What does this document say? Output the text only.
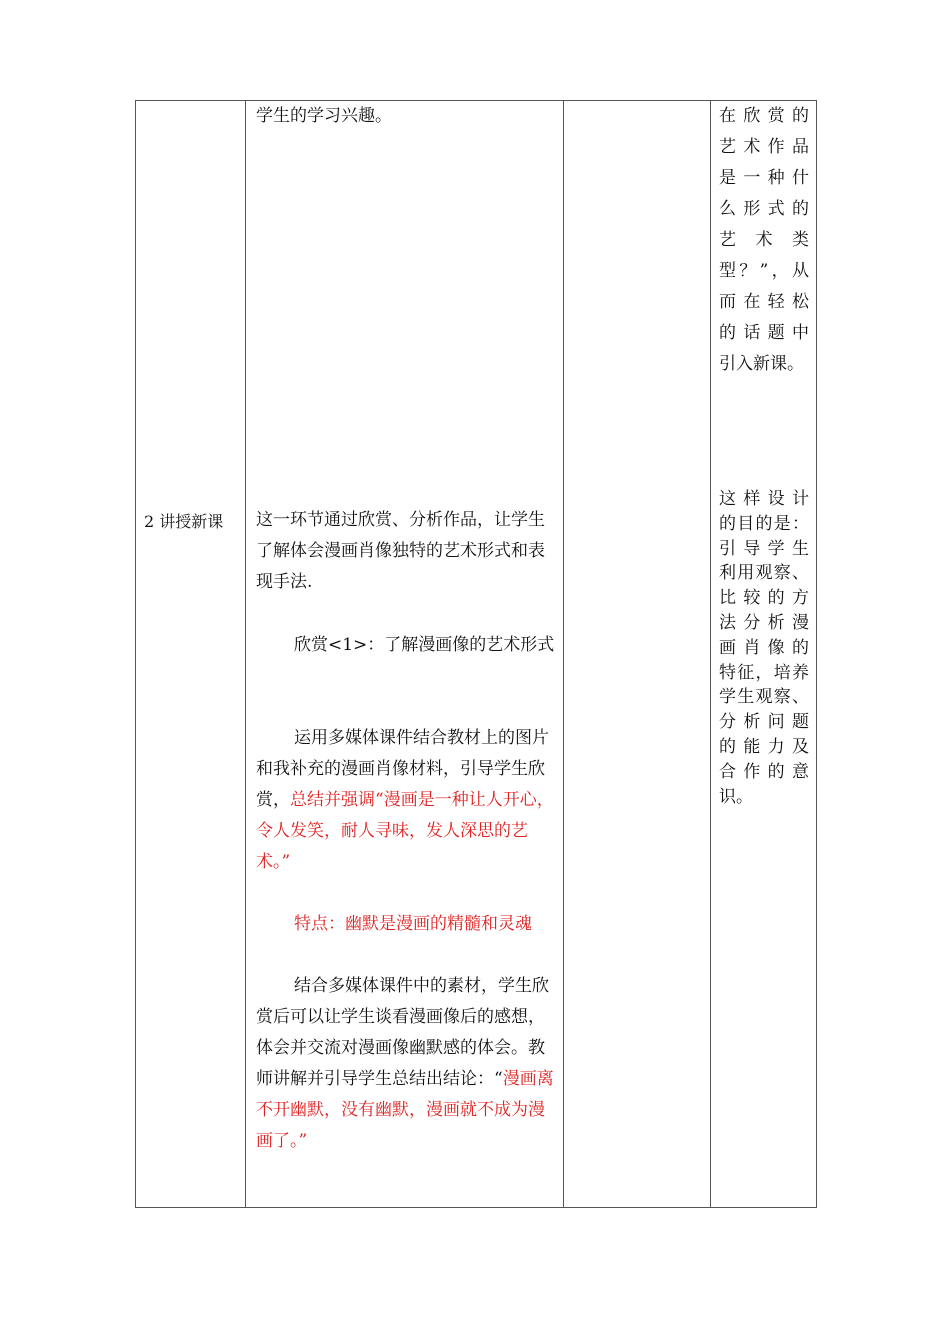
2 讲授新课
学生的学习兴趣。
这一环节通过欣赏、分析作品，让学生了解体会漫画肖像独特的艺术形式和表现手法.
欣赏<1>：了解漫画像的艺术形式
运用多媒体课件结合教材上的图片和我补充的漫画肖像材料，引导学生欣赏，总结并强调“漫画是一种让人开心，令人发笑，耐人寻味，发人深思的艺术。”
特点：幽默是漫画的精髓和灵魂
结合多媒体课件中的素材，学生欣赏后可以让学生谈看漫画像后的感想，体会并交流对漫画像幽默感的体会。教师讲解并引导学生总结出结论：“漫画离不开幽默，没有幽默，漫画就不成为漫画了。”
在欣赏的
艺术作品
是一种什
么形式的
艺 术 类
型？”，从
而在轻松
的话题中
引入新课。
这样设计
的目的是：
引导学生
利用观察、
比较的方
法分析漫
画肖像的
特征，培养
学生观察、
分析问题
的能力及
合作的意
识。
